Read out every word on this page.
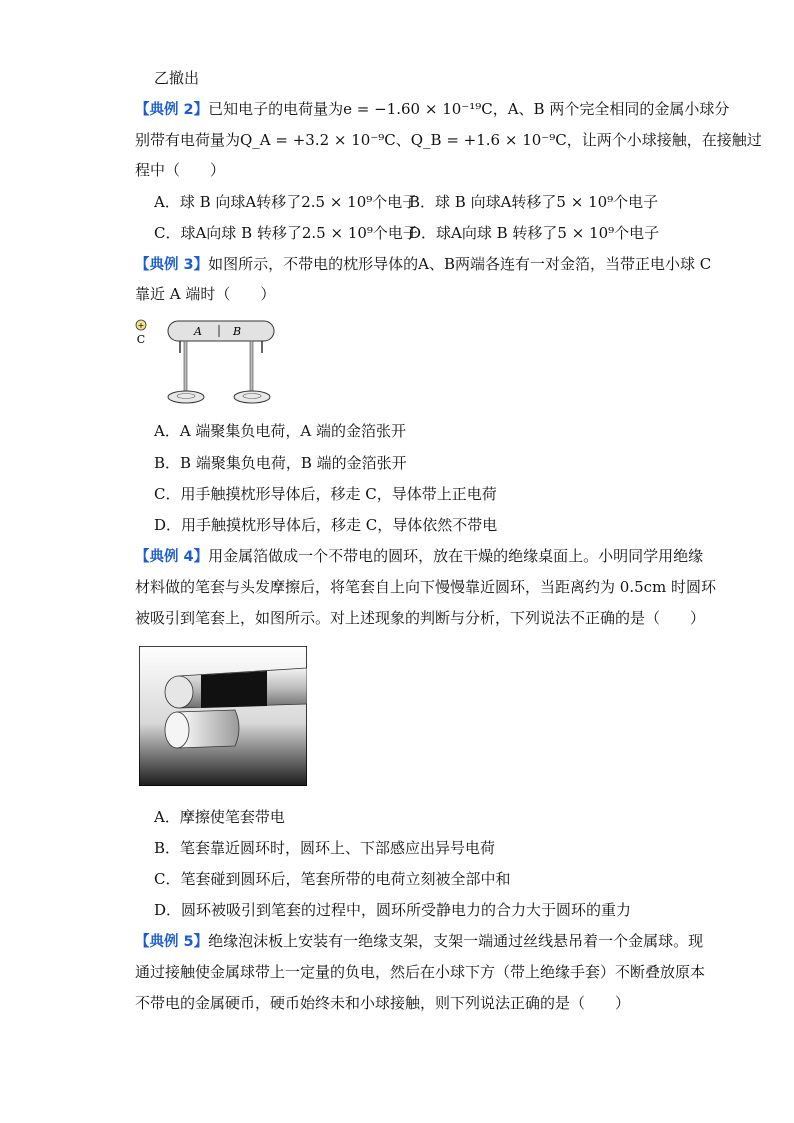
乙撤出
【典例 2】已知电子的电荷量为e = −1.60 × 10⁻¹⁹C，A、B 两个完全相同的金属小球分
别带有电荷量为Q_A = +3.2 × 10⁻⁹C、Q_B = +1.6 × 10⁻⁹C，让两个小球接触，在接触过
程中（　　）
A．球 B 向球A转移了2.5 × 10⁹个电子
B．球 B 向球A转移了5 × 10⁹个电子
C．球A向球 B 转移了2.5 × 10⁹个电子
D．球A向球 B 转移了5 × 10⁹个电子
【典例 3】如图所示，不带电的枕形导体的A、B两端各连有一对金箔，当带正电小球 C
靠近 A 端时（　　）
+
C
A	B
A．A 端聚集负电荷，A 端的金箔张开
B．B 端聚集负电荷，B 端的金箔张开
C．用手触摸枕形导体后，移走 C，导体带上正电荷
D．用手触摸枕形导体后，移走 C，导体依然不带电
【典例 4】用金属箔做成一个不带电的圆环，放在干燥的绝缘桌面上。小明同学用绝缘
材料做的笔套与头发摩擦后，将笔套自上向下慢慢靠近圆环，当距离约为 0.5cm 时圆环
被吸引到笔套上，如图所示。对上述现象的判断与分析，下列说法不正确的是（　　）
A．摩擦使笔套带电
B．笔套靠近圆环时，圆环上、下部感应出异号电荷
C．笔套碰到圆环后，笔套所带的电荷立刻被全部中和
D．圆环被吸引到笔套的过程中，圆环所受静电力的合力大于圆环的重力
【典例 5】绝缘泡沫板上安装有一绝缘支架，支架一端通过丝线悬吊着一个金属球。现
通过接触使金属球带上一定量的负电，然后在小球下方（带上绝缘手套）不断叠放原本
不带电的金属硬币，硬币始终未和小球接触，则下列说法正确的是（　　）
